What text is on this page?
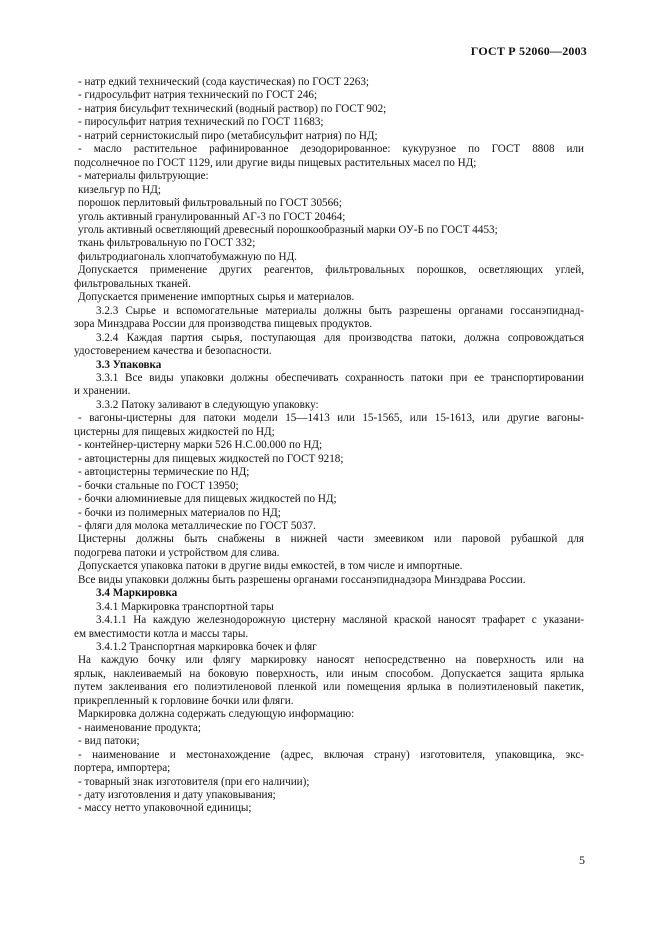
ГОСТ Р 52060—2003
- натр едкий технический (сода каустическая) по ГОСТ 2263;
- гидросульфит натрия технический по ГОСТ 246;
- натрия бисульфит технический (водный раствор) по ГОСТ 902;
- пиросульфит натрия технический по ГОСТ 11683;
- натрий сернистокислый пиро (метабисульфит натрия) по НД;
- масло растительное рафинированное дезодорированное: кукурузное по ГОСТ 8808 или
подсолнечное по ГОСТ 1129, или другие виды пищевых растительных масел по НД;
- материалы фильтрующие:
кизельгур по НД;
порошок перлитовый фильтровальный по ГОСТ 30566;
уголь активный гранулированный АГ-3 по ГОСТ 20464;
уголь активный осветляющий древесный порошкообразный марки ОУ-Б по ГОСТ 4453;
ткань фильтровальную по ГОСТ 332;
фильтродиагональ хлопчатобумажную по НД.
Допускается применение других реагентов, фильтровальных порошков, осветляющих углей,
фильтровальных тканей.
Допускается применение импортных сырья и материалов.
3.2.3 Сырье и вспомогательные материалы должны быть разрешены органами госсанэпиднад-
зора Минздрава России для производства пищевых продуктов.
3.2.4 Каждая партия сырья, поступающая для производства патоки, должна сопровождаться
удостоверением качества и безопасности.
3.3 Упаковка
3.3.1 Все виды упаковки должны обеспечивать сохранность патоки при ее транспортировании
и хранении.
3.3.2 Патоку заливают в следующую упаковку:
- вагоны-цистерны для патоки модели 15—1413 или 15-1565, или 15-1613, или другие вагоны-
цистерны для пищевых жидкостей по НД;
- контейнер-цистерну марки 526 Н.С.00.000 по НД;
- автоцистерны для пищевых жидкостей по ГОСТ 9218;
- автоцистерны термические по НД;
- бочки стальные по ГОСТ 13950;
- бочки алюминиевые для пищевых жидкостей по НД;
- бочки из полимерных материалов по НД;
- фляги для молока металлические по ГОСТ 5037.
Цистерны должны быть снабжены в нижней части змеевиком или паровой рубашкой для
подогрева патоки и устройством для слива.
Допускается упаковка патоки в другие виды емкостей, в том числе и импортные.
Все виды упаковки должны быть разрешены органами госсанэпиднадзора Минздрава России.
3.4 Маркировка
3.4.1 Маркировка транспортной тары
3.4.1.1 На каждую железнодорожную цистерну масляной краской наносят трафарет с указани-
ем вместимости котла и массы тары.
3.4.1.2 Транспортная маркировка бочек и фляг
На каждую бочку или флягу маркировку наносят непосредственно на поверхность или на
ярлык, наклеиваемый на боковую поверхность, или иным способом. Допускается защита ярлыка
путем заклеивания его полиэтиленовой пленкой или помещения ярлыка в полиэтиленовый пакетик,
прикрепленный к горловине бочки или фляги.
Маркировка должна содержать следующую информацию:
- наименование продукта;
- вид патоки;
- наименование и местонахождение (адрес, включая страну) изготовителя, упаковщика, экс-
портера, импортера;
- товарный знак изготовителя (при его наличии);
- дату изготовления и дату упаковывания;
- массу нетто упаковочной единицы;
5
